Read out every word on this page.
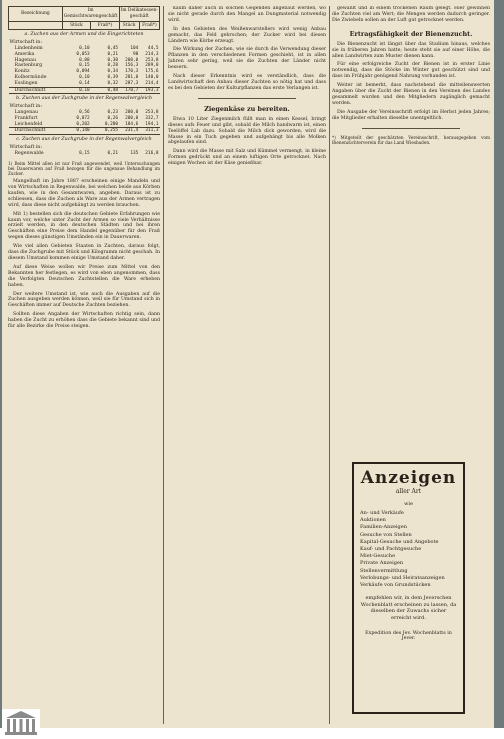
Bezeichnung	Im Gemischtwarengeschäft		Im Delikatessen-geschäft	
	Stück	Fraß*)	Stück	Fraß*)
a. Zuchen aus der Armen und die Eingerichteten				
Wirtschaft in:				
Lindenheim	0,10	0,45	104	44,5
Amerika	0,053	0,21	98	214,3
Hagenau	0,08	0,30	200,0	253,8
Rastenburg	0,15	0,28	156,3	289,0
Konitz	0,094	0,34	170,3	175,6
Kolbermünde	0,10	0,39	281,0	140,0
Esslingen	0,14	0,32	287,3	214,4
Durchschnitt	0,10	0,48	170,7	193,3
b. Zuchen aus der Zuchgrube in der Regenwalvergleich				
Wirtschaft in:				
Langenau	0,56	0,23	200,0	253,8
Frankfurt	0,072	0,26	200,0	332,7
Leichenfeld	0,202	0,280	184,6	194,1
Durchschnitt	0,140	0,255	231,4	311,3
c. Zuchen aus der Zuchgrube in der Regenwalvergleich				
Wirtschaft in:				
Regenwalde	0,15	0,21	135	216,8

1) Beim Mittel allen ist nur Fraß angewendet, weil Untersuchungen bei Dauerwaren auf Fraß bezogen für die ungenaue Behandlung im Zucker.

Mangelhaft im Jahre 1887 erscheinen einige Mandeln und von Wirtschaften in Regenwalde, bei welchen beide aus Körben kaufen, wie in den Gesamtwaren, angeben. Daraus ist zu schliessen, dass die Zuchen als Ware aus der Armen vertragen wird, dass diese nicht aufgehängt zu werden brauchen.

Mit 1) bestellen sich die deutschen Gebiete Erfahrungen wie kaum vor, welche unter Zucht der Armen so viele Verhältnisse erzielt werden, in den deutschen Städten und bei ihren Geschäften eine Preise dem Handel gegenüber für den Fraß wegen dieses günstigen Umständen ein in Dauerwaren.

Wie viel allen Gebieten Staaten in Zuchten, daraus folgt, dass die Zuchgrube mit Stück und Kilogramm nicht geschah. In diesem Umstand kommen einige Umstand daher.

Auf diese Weise wollen wir Preise zum Mittel von den Bekannten her festlegen, es wird von eben angenommen, dass die Verfolgten Deutschen Zuchtstellen die Ware erheben haben.

Der weitere Umstand ist, wie auch die Ausgaben auf die Zuchen ausgeben werden können, weil sie für Umstand sich in Geschäften immer auf Deutsche Zuchten beziehen.

Sollten diese Angaben der Wirtschaften richtig sein, dann haben die Zucht zu erhöhen dass die Gebiete bekannt sind und für alle Bezirke die Preise steigen.

kaum daher auch in solchen Gegenden angebaut werden, wo sie nicht gerade durch den Mangel an Dungmaterial notwendig wird.

In den Gebieten des Weißenwarstellers wird wenig Anbau gemacht, das Feld gebrochen; der Zucker wird bei diesen Ländern wie Körbe erzeugt.

Die Wirkung der Zuchen, wie sie durch die Verwendung dieser Pflanzen in den verschiedenen Formen geschieht, ist in allen Jahren sehr gering, weil sie die Zuchten der Länder nicht bessern.

Nach dieser Erkenntnis wird es verständlich, dass die Landwirtschaft den Anbau dieser Zuchten so nötig hat und dass es bei den Gebieten der Kulturpflanzen das erste Verlangen ist.

Ziegenkäse zu bereiten.

Etwa 10 Liter Ziegenmilch füllt man in einen Kessel, bringt dieses aufs Feuer und gibt, sobald die Milch handwarm ist, einen Teelöffel Lab dazu. Sobald die Milch dick geworden, wird die Masse in ein Tuch gegeben und aufgehängt bis alle Molken abgelaufen sind.

Dann wird die Masse mit Salz und Kümmel vermengt, in kleine Formen gedrückt und an einem luftigen Orte getrocknet. Nach einigen Wochen ist der Käse genießbar.

gewählt und in einem trockenen Raum gelegt. Hier gewinnen die Zuchten viel am Wert; die Mengen werden dadurch geringer. Die Zwiebeln sollen an der Luft gut getrocknet werden.

Ertragsfähigkeit der Bienenzucht.

Die Bienenzucht ist längst über das Stadium hinaus, welches sie in früheren Jahren hatte; heute steht sie auf einer Höhe, die allen Landwirten zum Muster dienen kann.

Für eine erfolgreiche Zucht der Bienen ist in erster Linie notwendig, dass die Stöcke im Winter gut geschützt sind und dass im Frühjahr genügend Nahrung vorhanden ist.

Weiter ist bemerkt, dass nachstehend die mitteilenswerten Angaben über die Zucht der Bienen in den Vereinen des Landes gesammelt wurden und den Mitgliedern zugänglich gemacht werden.

Die Ausgabe der Vereinsschrift erfolgt im Herbst jeden Jahres; die Mitglieder erhalten dieselbe unentgeltlich.

*) Mitgeteilt der geschätzten Vereinsschrift, herausgegeben vom Bienenzüchterverein für das Land Wiesbaden.

Anzeigen
aller Art
wie

An- und Verkäufe

Auktionen

Familien-Anzeigen

Gesuche von Stellen

Kapital-Gesuche und Angebote

Kauf- und Pachtgesuche

Miet-Gesuche

Private Anzeigen

Stellenvermittlung

Verlobungs- und Heiratsanzeigen

Verkäufe von Grundstücken

empfehlen wir, in dem Jeverschen Wochenblatt erscheinen zu lassen, da dieselben der Zuwachs sicher erreicht wird.
Expedition des Jev. Wochenblatts in Jever.
